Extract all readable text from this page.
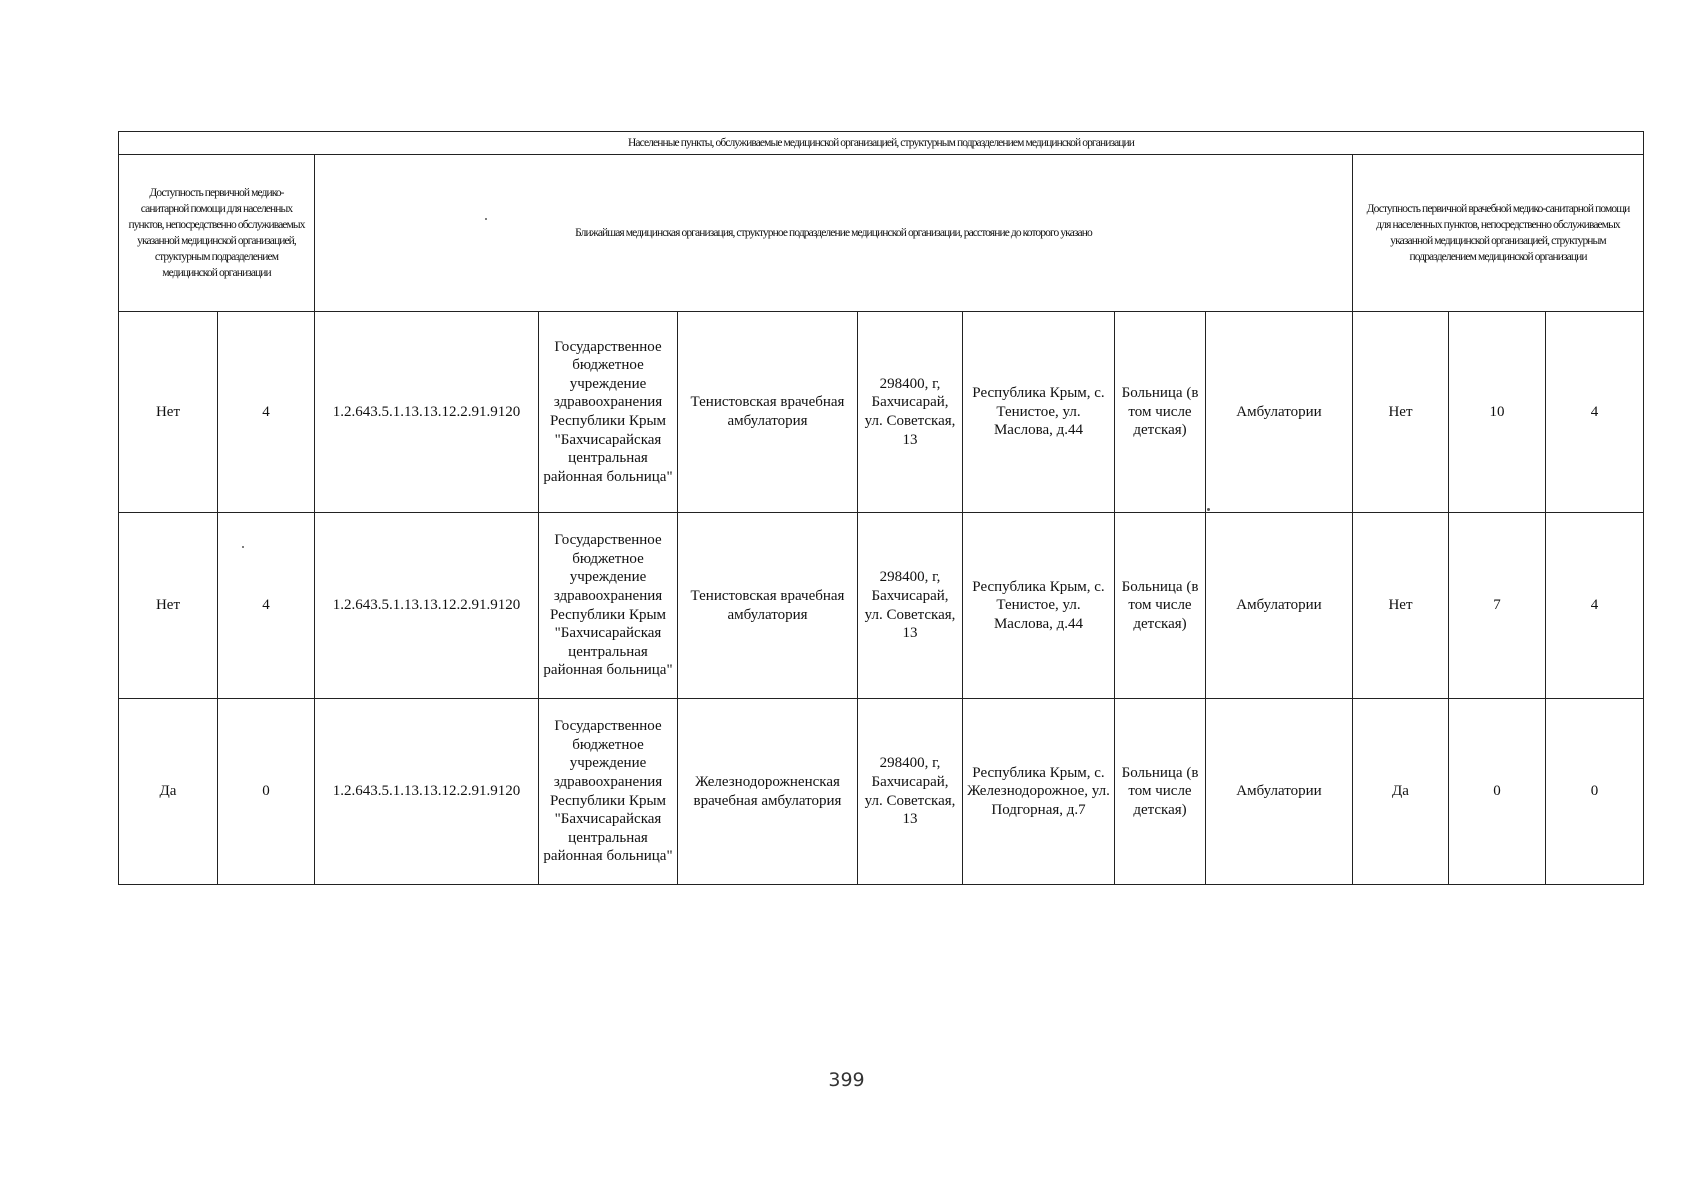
Населенные пункты, обслуживаемые медицинской организацией, структурным подразделением медицинской организации											
Доступность первичной медико-санитарной помощи для населенных пунктов, непосредственно обслуживаемых указанной медицинской организацией, структурным подразделением медицинской организации		Ближайшая медицинская организация, структурное подразделение медицинской организации, расстояние до которого указано							Доступность первичной врачебной медико-санитарной помощи для населенных пунктов, непосредственно обслуживаемых указанной медицинской организацией, структурным подразделением медицинской организации		
Нет	4	1.2.643.5.1.13.13.12.2.91.9120	Государственное бюджетное учреждение здравоохранения Республики Крым "Бахчисарайская центральная районная больница"	Тенистовская врачебная амбулатория	298400, г, Бахчисарай, ул. Советская, 13	Республика Крым, с. Тенистое, ул. Маслова, д.44	Больница (в том числе детская)	Амбулатории	Нет	10	4
Нет	4	1.2.643.5.1.13.13.12.2.91.9120	Государственное бюджетное учреждение здравоохранения Республики Крым "Бахчисарайская центральная районная больница"	Тенистовская врачебная амбулатория	298400, г, Бахчисарай, ул. Советская, 13	Республика Крым, с. Тенистое, ул. Маслова, д.44	Больница (в том числе детская)	Амбулатории	Нет	7	4
Да	0	1.2.643.5.1.13.13.12.2.91.9120	Государственное бюджетное учреждение здравоохранения Республики Крым "Бахчисарайская центральная районная больница"	Железнодорожненская врачебная амбулатория	298400, г, Бахчисарай, ул. Советская, 13	Республика Крым, с. Железнодорожное, ул. Подгорная, д.7	Больница (в том числе детская)	Амбулатории	Да	0	0
399
